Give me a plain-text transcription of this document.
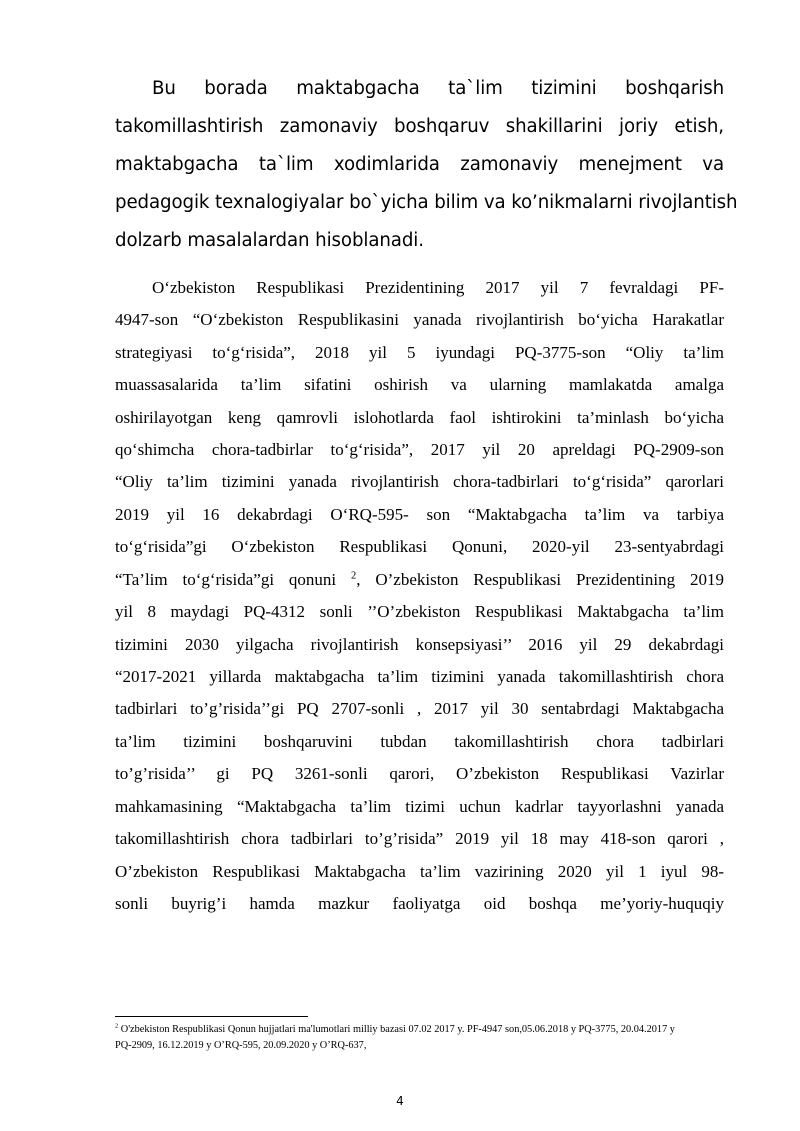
Bu borada maktabgacha ta`lim tizimini boshqarish
takomillashtirish zamonaviy boshqaruv shakillarini joriy etish,
maktabgacha ta`lim xodimlarida zamonaviy menejment va
pedagogik texnalogiyalar bo`yicha bilim va ko’nikmalarni rivojlantish
dolzarb masalalardan hisoblanadi.
O‘zbekiston Respublikasi Prezidentining 2017 yil 7 fevraldagi PF-
4947-son “O‘zbekiston Respublikasini yanada rivojlantirish bo‘yicha Harakatlar
strategiyasi to‘g‘risida”, 2018 yil 5 iyundagi PQ-3775-son “Oliy ta’lim
muassasalarida ta’lim sifatini oshirish va ularning mamlakatda amalga
oshirilayotgan keng qamrovli islohotlarda faol ishtirokini ta’minlash bo‘yicha
qo‘shimcha chora-tadbirlar to‘g‘risida”, 2017 yil 20 apreldagi PQ-2909-son
“Oliy ta’lim tizimini yanada rivojlantirish chora-tadbirlari to‘g‘risida” qarorlari
2019 yil 16 dekabrdagi O‘RQ-595- son “Maktabgacha ta’lim va tarbiya
to‘g‘risida”gi O‘zbekiston Respublikasi Qonuni, 2020-yil 23-sentyabrdagi
“Ta’lim to‘g‘risida”gi qonuni $^2$, O’zbekiston Respublikasi Prezidentining 2019
yil 8 maydagi PQ-4312 sonli ’’O’zbekiston Respublikasi Maktabgacha ta’lim
tizimini 2030 yilgacha rivojlantirish konsepsiyasi’’ 2016 yil 29 dekabrdagi
“2017-2021 yillarda maktabgacha ta’lim tizimini yanada takomillashtirish chora
tadbirlari to’g’risida’’gi PQ 2707-sonli , 2017 yil 30 sentabrdagi Maktabgacha
ta’lim tizimini boshqaruvini tubdan takomillashtirish chora tadbirlari
to’g’risida’’ gi PQ 3261-sonli qarori, O’zbekiston Respublikasi Vazirlar
mahkamasining “Maktabgacha ta’lim tizimi uchun kadrlar tayyorlashni yanada
takomillashtirish chora tadbirlari to’g’risida” 2019 yil 18 may 418-son qarori ,
O’zbekiston Respublikasi Maktabgacha ta’lim vazirining 2020 yil 1 iyul 98-
sonli buyrig’i hamda mazkur faoliyatga oid boshqa me’yoriy-huquqiy
$^2$ O'zbekiston Respublikasi Qonun hujjatlari ma'lumotlari milliy bazasi 07.02 2017 y. PF-4947 son,05.06.2018 y PQ-3775, 20.04.2017 y
PQ-2909, 16.12.2019 y O’RQ-595, 20.09.2020 y O’RQ-637,
4
